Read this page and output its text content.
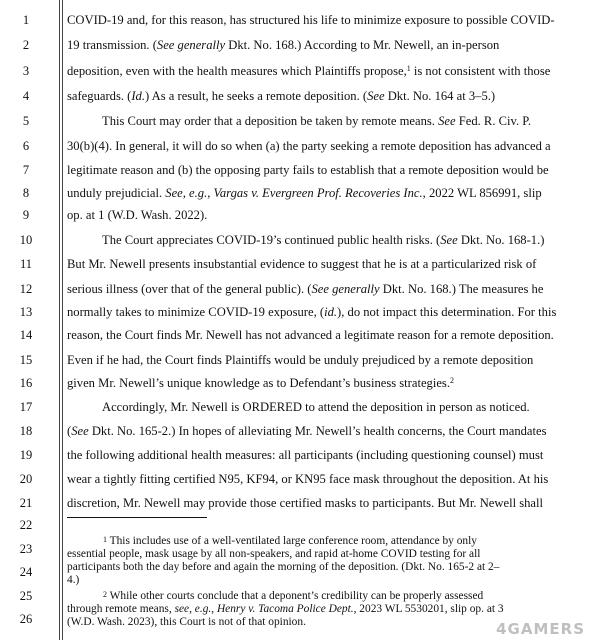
1
2
3
4
5
6
7
8
9
10
11
12
13
14
15
16
17
18
19
20
21
22
23
24
25
26
COVID-19 and, for this reason, has structured his life to minimize exposure to possible COVID-
19 transmission. (See generally Dkt. No. 168.) According to Mr. Newell, an in-person
deposition, even with the health measures which Plaintiffs propose,$^1$ is not consistent with those
safeguards. (Id.) As a result, he seeks a remote deposition. (See Dkt. No. 164 at 3–5.)
This Court may order that a deposition be taken by remote means. See Fed. R. Civ. P.
30(b)(4). In general, it will do so when (a) the party seeking a remote deposition has advanced a
legitimate reason and (b) the opposing party fails to establish that a remote deposition would be
unduly prejudicial. See, e.g., Vargas v. Evergreen Prof. Recoveries Inc., 2022 WL 856991, slip
op. at 1 (W.D. Wash. 2022).
The Court appreciates COVID-19’s continued public health risks. (See Dkt. No. 168-1.)
But Mr. Newell presents insubstantial evidence to suggest that he is at a particularized risk of
serious illness (over that of the general public). (See generally Dkt. No. 168.) The measures he
normally takes to minimize COVID-19 exposure, (id.), do not impact this determination. For this
reason, the Court finds Mr. Newell has not advanced a legitimate reason for a remote deposition.
Even if he had, the Court finds Plaintiffs would be unduly prejudiced by a remote deposition
given Mr. Newell’s unique knowledge as to Defendant’s business strategies.$^2$
Accordingly, Mr. Newell is ORDERED to attend the deposition in person as noticed.
(See Dkt. No. 165-2.) In hopes of alleviating Mr. Newell’s health concerns, the Court mandates
the following additional health measures: all participants (including questioning counsel) must
wear a tightly fitting certified N95, KF94, or KN95 face mask throughout the deposition. At his
discretion, Mr. Newell may provide those certified masks to participants. But Mr. Newell shall
$^1$ This includes use of a well-ventilated large conference room, attendance by only
essential people, mask usage by all non-speakers, and rapid at-home COVID testing for all
participants both the day before and again the morning of the deposition. (Dkt. No. 165-2 at 2–
4.)
$^2$ While other courts conclude that a deponent’s credibility can be properly assessed
through remote means, see, e.g., Henry v. Tacoma Police Dept., 2023 WL 5530201, slip op. at 3
(W.D. Wash. 2023), this Court is not of that opinion.	4GAMERS
